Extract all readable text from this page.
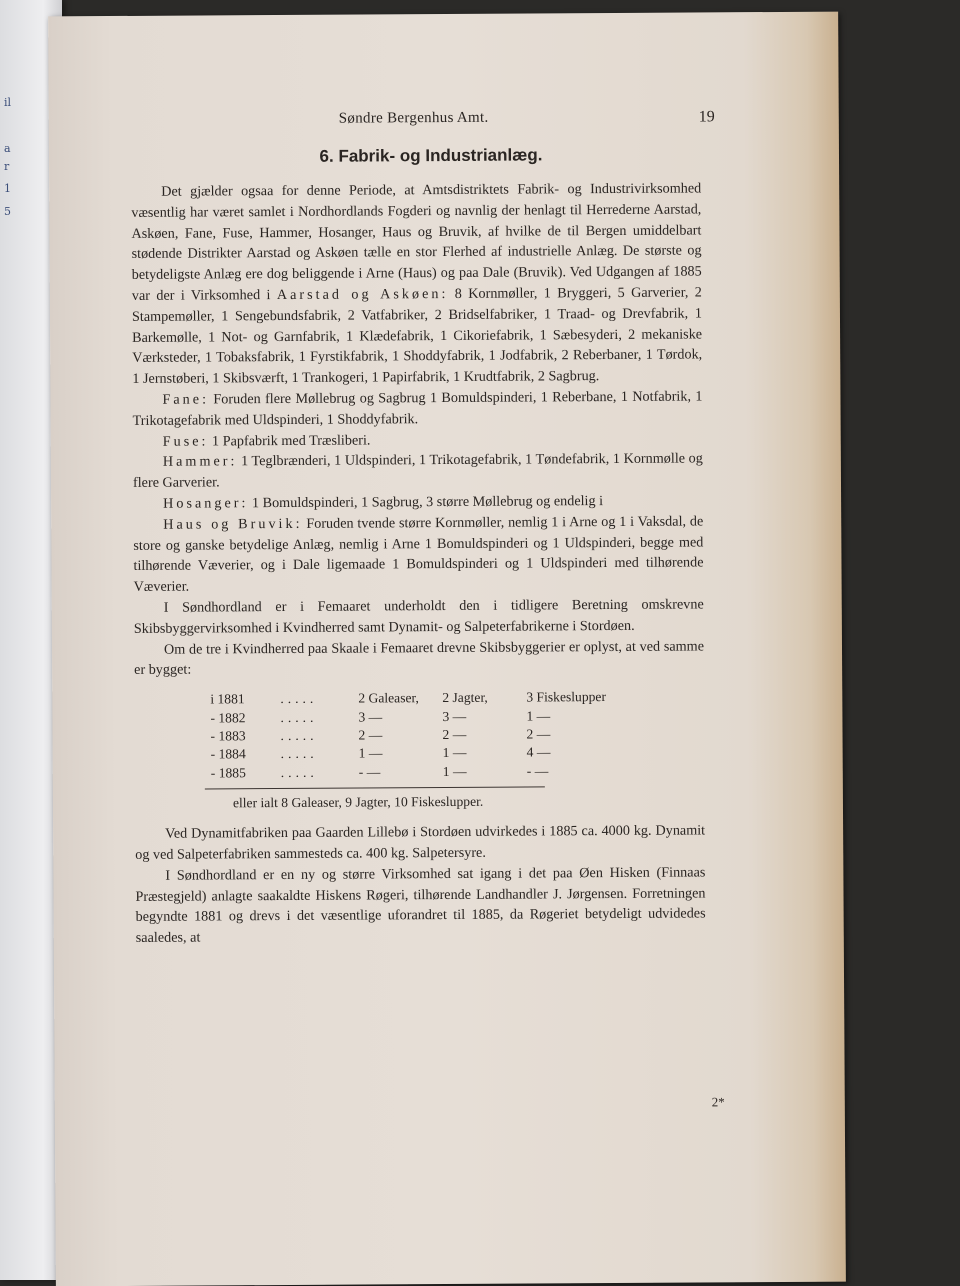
il
a
r
1
5
Søndre Bergenhus Amt.	19
6. Fabrik- og Industrianlæg.

Det gjælder ogsaa for denne Periode, at Amtsdistriktets Fabrik- og Industrivirksomhed væsentlig har været samlet i Nordhordlands Fogderi og navnlig der henlagt til Herrederne Aarstad, Askøen, Fane, Fuse, Hammer, Hosanger, Haus og Bruvik, af hvilke de til Bergen umiddelbart stødende Distrikter Aarstad og Askøen tælle en stor Flerhed af industrielle Anlæg. De største og betydeligste Anlæg ere dog beliggende i Arne (Haus) og paa Dale (Bruvik). Ved Udgangen af 1885 var der i Virksomhed i Aarstad og Askøen: 8 Kornmøller, 1 Bryggeri, 5 Garverier, 2 Stampemøller, 1 Sengebundsfabrik, 2 Vatfabriker, 2 Bridselfabriker, 1 Traad- og Drevfabrik, 1 Barkemølle, 1 Not- og Garnfabrik, 1 Klædefabrik, 1 Cikoriefabrik, 1 Sæbesyderi, 2 mekaniske Værksteder, 1 Tobaksfabrik, 1 Fyrstikfabrik, 1 Shoddyfabrik, 1 Jodfabrik, 2 Reberbaner, 1 Tørdok, 1 Jernstøberi, 1 Skibsværft, 1 Trankogeri, 1 Papirfabrik, 1 Krudtfabrik, 2 Sagbrug.

Fane: Foruden flere Møllebrug og Sagbrug 1 Bomuldspinderi, 1 Reberbane, 1 Notfabrik, 1 Trikotagefabrik med Uldspinderi, 1 Shoddyfabrik.

Fuse: 1 Papfabrik med Træsliberi.

Hammer: 1 Teglbrænderi, 1 Uldspinderi, 1 Trikotagefabrik, 1 Tøndefabrik, 1 Kornmølle og flere Garverier.

Hosanger: 1 Bomuldspinderi, 1 Sagbrug, 3 større Møllebrug og endelig i

Haus og Bruvik: Foruden tvende større Kornmøller, nemlig 1 i Arne og 1 i Vaksdal, de store og ganske betydelige Anlæg, nemlig i Arne 1 Bomuldspinderi og 1 Uldspinderi, begge med tilhørende Væverier, og i Dale ligemaade 1 Bomuldspinderi og 1 Uldspinderi med tilhørende Væverier.

I Søndhordland er i Femaaret underholdt den i tidligere Beretning omskrevne Skibsbyggervirksomhed i Kvindherred samt Dynamit- og Salpeterfabrikerne i Stordøen.

Om de tre i Kvindherred paa Skaale i Femaaret drevne Skibsbyggerier er oplyst, at ved samme er bygget:

i 1881	.....	2 Galeaser,	2 Jagter,	3 Fiskeslupper
- 1882	.....	3 —	3 —	1 —
- 1883	.....	2 —	2 —	2 —
- 1884	.....	1 —	1 —	4 —
- 1885	.....	- —	1 —	- —
eller ialt 8 Galeaser, 9 Jagter, 10 Fiskeslupper.

Ved Dynamitfabriken paa Gaarden Lillebø i Stordøen udvirkedes i 1885 ca. 4000 kg. Dynamit og ved Salpeterfabriken sammesteds ca. 400 kg. Salpetersyre.

I Søndhordland er en ny og større Virksomhed sat igang i det paa Øen Hisken (Finnaas Præstegjeld) anlagte saakaldte Hiskens Røgeri, tilhørende Landhandler J. Jørgensen. Forretningen begyndte 1881 og drevs i det væsentlige uforandret til 1885, da Røgeriet betydeligt udvidedes saaledes, at

2*
